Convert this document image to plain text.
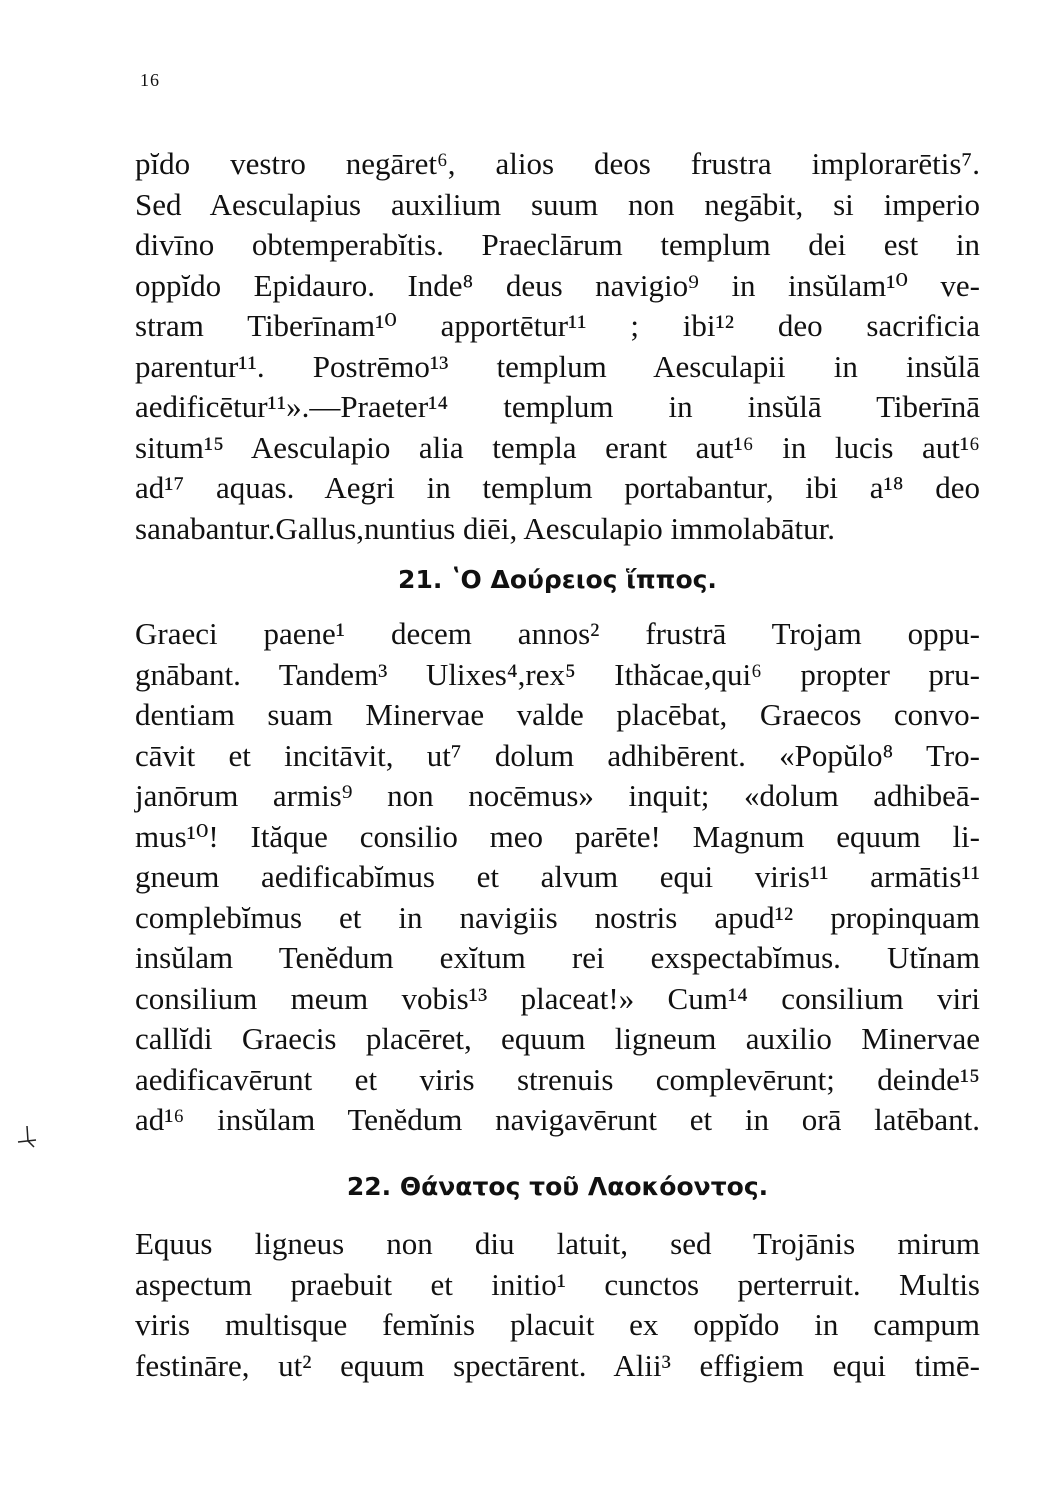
16
pĭdo vestro negāret⁶, alios deos frustra implorarētis⁷.
Sed Aesculapius auxilium suum non negābit, si imperio
divīno obtemperabĭtis. Praeclārum templum dei est in
oppĭdo Epidauro. Inde⁸ deus navigio⁹ in insŭlam¹⁰ ve-
stram Tiberīnam¹⁰ apportētur¹¹ ; ibi¹² deo sacrificia
parentur¹¹. Postrēmo¹³ templum Aesculapii in insŭlā
aedificētur¹¹».—Praeter¹⁴ templum in insŭlā Tiberīnā
situm¹⁵ Aesculapio alia templa erant aut¹⁶ in lucis aut¹⁶
ad¹⁷ aquas. Aegri in templum portabantur, ibi a¹⁸ deo
sanabantur.Gallus,nuntius diēi, Aesculapio immolabātur.
21. ʽΟ Δούρειος ἵππος.
Graeci paene¹ decem annos² frustrā Trojam oppu-
gnābant. Tandem³ Ulixes⁴,rex⁵ Ithăcae,qui⁶ propter pru-
dentiam suam Minervae valde placēbat, Graecos convo-
cāvit et incitāvit, ut⁷ dolum adhibērent. «Popŭlo⁸ Tro-
janōrum armis⁹ non nocēmus» inquit; «dolum adhibeā-
mus¹⁰! Ităque consilio meo parēte! Magnum equum li-
gneum aedificabĭmus et alvum equi viris¹¹ armātis¹¹
complebĭmus et in navigiis nostris apud¹² propinquam
insŭlam Tenĕdum exĭtum rei exspectabĭmus. Utĭnam
consilium meum vobis¹³ placeat!» Cum¹⁴ consilium viri
callĭdi Graecis placēret, equum ligneum auxilio Minervae
aedificavērunt et viris strenuis complevērunt; deinde¹⁵
ad¹⁶ insŭlam Tenĕdum navigavērunt et in orā latēbant.
22. Θάνατος τοῦ Λαοκόοντος.
Equus ligneus non diu latuit, sed Trojānis mirum
aspectum praebuit et initio¹ cunctos perterruit. Multis
viris multisque femĭnis placuit ex oppĭdo in campum
festināre, ut² equum spectārent. Alii³ effigiem equi timē-
